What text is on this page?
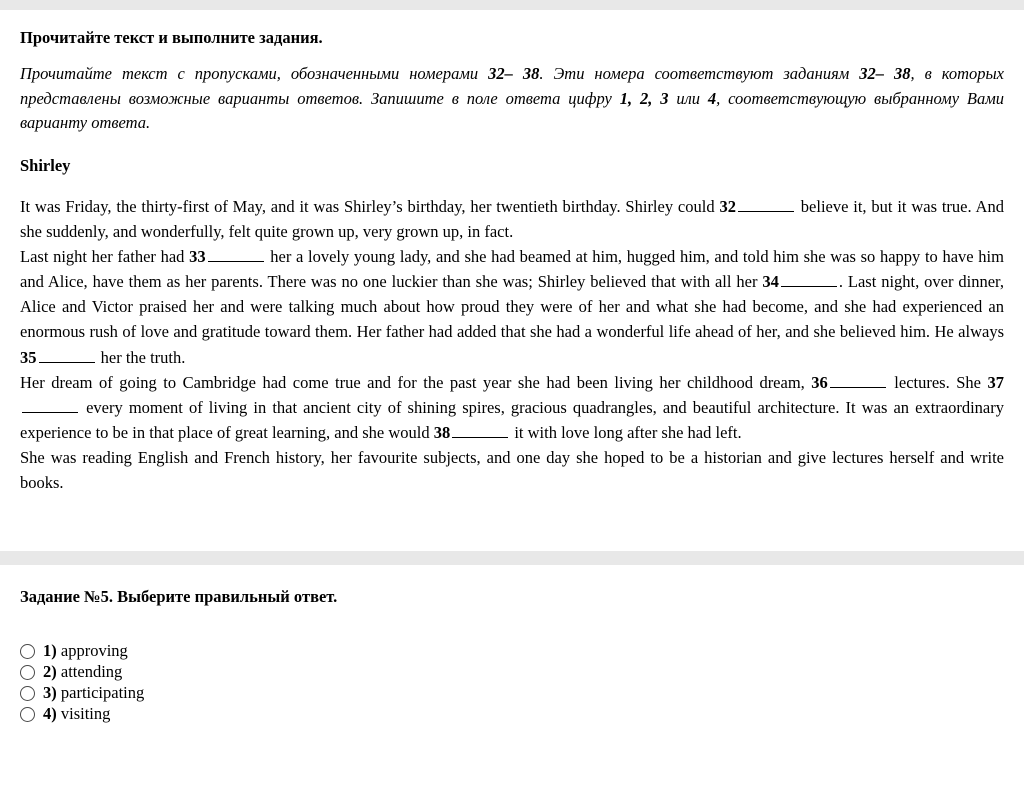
Прочитайте текст и выполните задания.
Прочитайте текст с пропусками, обозначенными номерами 32– 38. Эти номера соответствуют заданиям 32– 38, в которых представлены возможные варианты ответов. Запишите в поле ответа цифру 1, 2, 3 или 4, соответствующую выбранному Вами варианту ответа.
Shirley

It was Friday, the thirty-first of May, and it was Shirley’s birthday, her twentieth birthday. Shirley could 32	believe it, but it was true. And she suddenly, and wonderfully, felt quite grown up, very grown up, in fact.

Last night her father had 33	her a lovely young lady, and she had beamed at him, hugged him, and told him she was so happy to have him and Alice, have them as her parents. There was no one luckier than she was; Shirley believed that with all her 34	. Last night, over dinner, Alice and Victor praised her and were talking much about how proud they were of her and what she had become, and she had experienced an enormous rush of love and gratitude toward them. Her father had added that she had a wonderful life ahead of her, and she believed him. He always 35	her the truth.

Her dream of going to Cambridge had come true and for the past year she had been living her childhood dream, 36	lectures. She 37 every moment of living in that ancient city of shining spires, gracious quadrangles, and beautiful architecture. It was an extraordinary experience to be in that place of great learning, and she would 38	it with love long after she had left.

She was reading English and French history, her favourite subjects, and one day she hoped to be a historian and give lectures herself and write books.

Задание №5. Выберите правильный ответ.
1) approving
2) attending
3) participating
4) visiting
